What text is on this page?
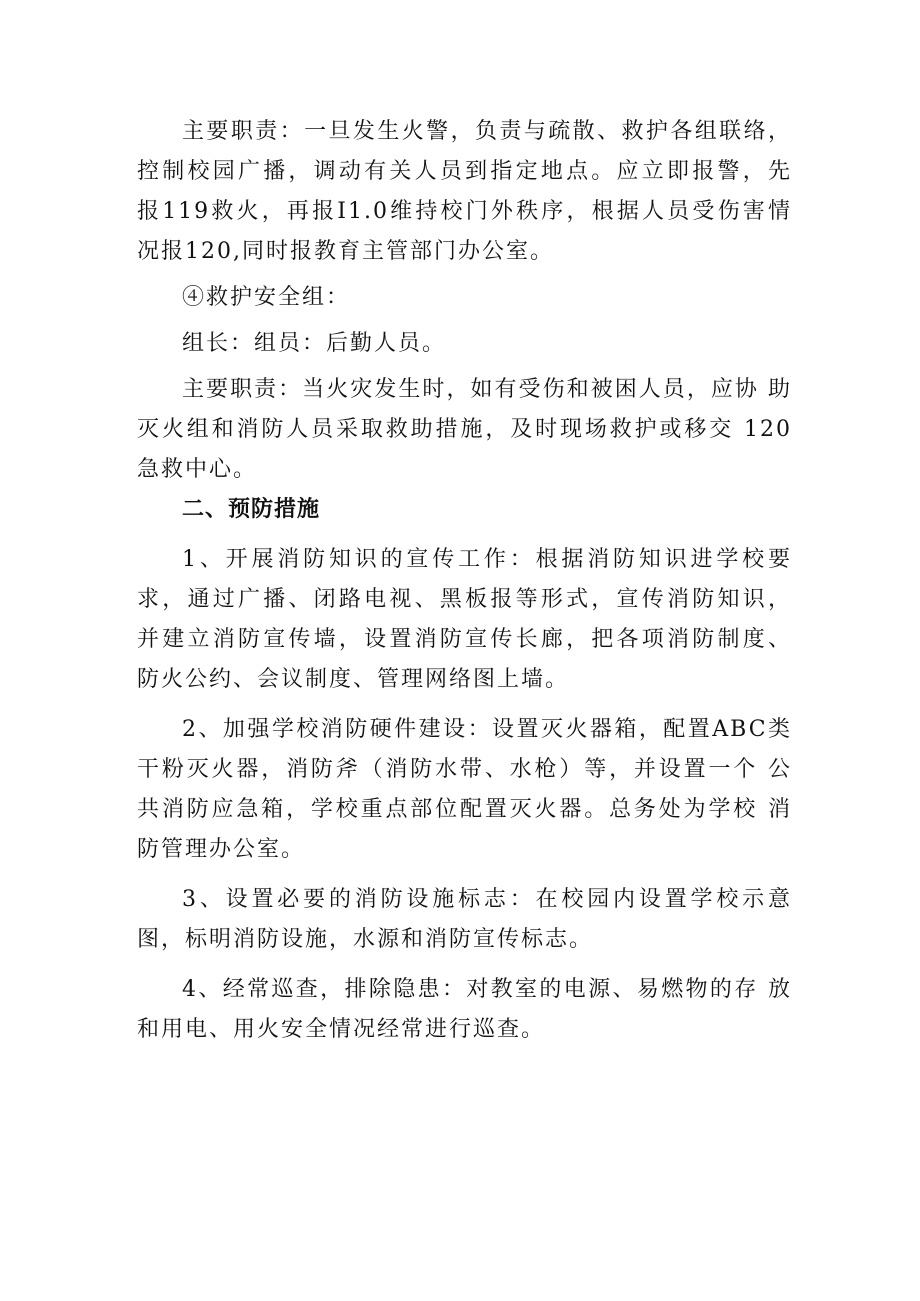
主要职责：一旦发生火警，负责与疏散、救护各组联络， 控制校园广播，调动有关人员到指定地点。应立即报警，先 报119救火，再报I1.0维持校门外秩序，根据人员受伤害情 况报120,同时报教育主管部门办公室。

④救护安全组：

组长：组员：后勤人员。

主要职责：当火灾发生时，如有受伤和被困人员，应协 助灭火组和消防人员采取救助措施，及时现场救护或移交 120急救中心。

二、预防措施

1、开展消防知识的宣传工作：根据消防知识进学校要 求，通过广播、闭路电视、黑板报等形式，宣传消防知识， 并建立消防宣传墙，设置消防宣传长廊，把各项消防制度、 防火公约、会议制度、管理网络图上墙。

2、加强学校消防硬件建设：设置灭火器箱，配置ABC类干粉灭火器，消防斧（消防水带、水枪）等，并设置一个 公共消防应急箱，学校重点部位配置灭火器。总务处为学校 消防管理办公室。

3、设置必要的消防设施标志：在校园内设置学校示意 图，标明消防设施，水源和消防宣传标志。

4、经常巡查，排除隐患：对教室的电源、易燃物的存 放和用电、用火安全情况经常进行巡查。
